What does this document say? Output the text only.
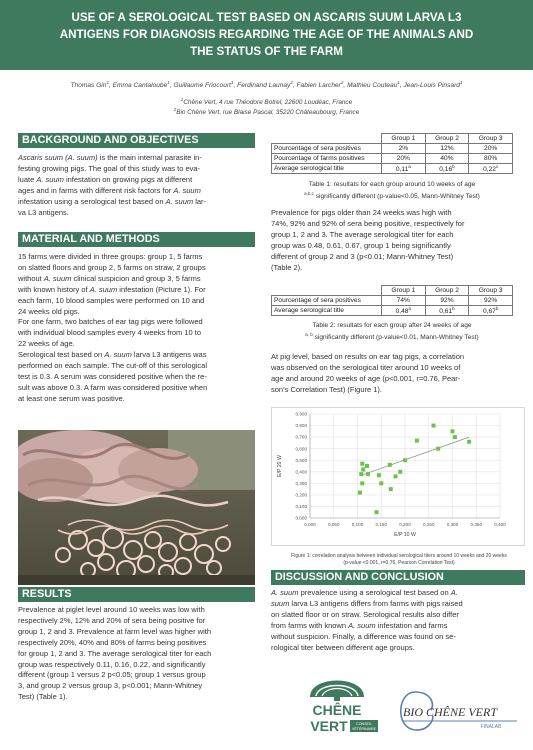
USE OF A SEROLOGICAL TEST BASED ON ASCARIS SUUM LARVA L3
ANTIGENS FOR DIAGNOSIS REGARDING THE AGE OF THE ANIMALS AND
THE STATUS OF THE FARM
Thomas Gin$^1$, Emma Cantaloube$^1$, Guillaume Friocourt$^1$, Ferdinand Launay$^2$, Fabien Larcher$^2$, Mathieu Couteau$^1$, Jean-Louis Pinsard$^1$
$^1$Chêne Vert, 4 rue Théodore Botrel, 22600 Loudéac, France
$^2$Bio Chêne Vert, rue Blaise Pascal, 35220 Châteaubourg, France
BACKGROUND AND OBJECTIVES
Ascaris suum (A. suum) is the main internal parasite in-
festing growing pigs. The goal of this study was to eva-
luate A. suum infestation on growing pigs at different
ages and in farms with different risk factors for A. suum
infestation using a serological test based on A. suum lar-
va L3 antigens.
MATERIAL AND METHODS
15 farms were divided in three groups: group 1, 5 farms
on slatted floors and group 2, 5 farms on straw, 2 groups
without A. suum clinical suspicion and group 3, 5 farms
with known history of A. suum infestation (Picture 1). For
each farm, 10 blood samples were performed on 10 and
24 weeks old pigs.
For one farm, two batches of ear tag pigs were followed
with individual blood samples every 4 weeks from 10 to
22 weeks of age.
Serological test based on A. suum larva L3 antigens was
performed on each sample. The cut-off of this serological
test is 0.3. A serum was considered positive when the re-
sult was above 0.3. A farm was considered positive when
at least one serum was positive.
RESULTS
Prevalence at piglet level around 10 weeks was low with
respectively 2%, 12% and 20% of sera being positive for
group 1, 2 and 3. Prevalence at farm level was higher with
respectively 20%, 40% and 80% of farms being positives
for group 1, 2 and 3. The average serological titer for each
group was respectively 0.11, 0.16, 0.22, and significantly
different (group 1 versus 2 p<0.05; group 1 versus group
3, and group 2 versus group 3, p<0.001; Mann-Whitney
Test) (Table 1).
	Group 1	Group 2	Group 3
Pourcentage of sera positives	2%	12%	20%
Pourcentage of farms positives	20%	40%	80%
Average serological title	0,11$^a$	0,16$^b$	0,22$^c$
Table 1: resultats for each group around 10 weeks of age
$^{a,b,c}$ significantly different (p-value<0.05, Mann-Whitney Test)
Prevalence for pigs older than 24 weeks was high with
74%, 92% and 92% of sera being positive, respectively for
group 1, 2 and 3. The average serological titer for each
group was 0.48, 0.61, 0.67, group 1 being significantly
different of group 2 and 3 (p<0.01; Mann-Whitney Test)
(Table 2).
	Group 1	Group 2	Group 3
Pourcentage of sera positives	74%	92%	92%
Average serological title	0,48$^a$	0,61$^b$	0,67$^b$
Table 2: resultats for each group after 24 weeks of age
$^{a, b}$ significantly different (p-value<0.01, Mann-Whitney Test)
At pig level, based on results on ear tag pigs, a correlation
was observed on the serological titer around 10 weeks of
age and around 20 weeks of age (p<0.001, r=0.76, Pear-
son’s Correlation Test) (Figure 1).
0,000
0,100
0,200
0,300
0,400
0,500
0,600
0,700
0,800
0,900
0,000	0,050	0,100	0,150	0,200	0,250	0,300	0,350	0,400
E/P 10 W
E/P 20 W
Figure 1: correlation analysis between individual serological titers around 10 weeks and 20 weeks
(p-value <0.001, r=0,76, Pearson Correlation Test)
DISCUSSION AND CONCLUSION
A. suum prevalence using a serological test based on A.
suum larva L3 antigens differs from farms with pigs raised
on slatted floor or on straw. Serological results also differ
from farms with known A. suum infestation and farms
without suspicion. Finally, a difference was found on se-
rological titer between different age groups.
CHÊNE
VERT CONSEIL
VÉTÉRINAIRE
BIO CHÊNE VERT
FINALAB
